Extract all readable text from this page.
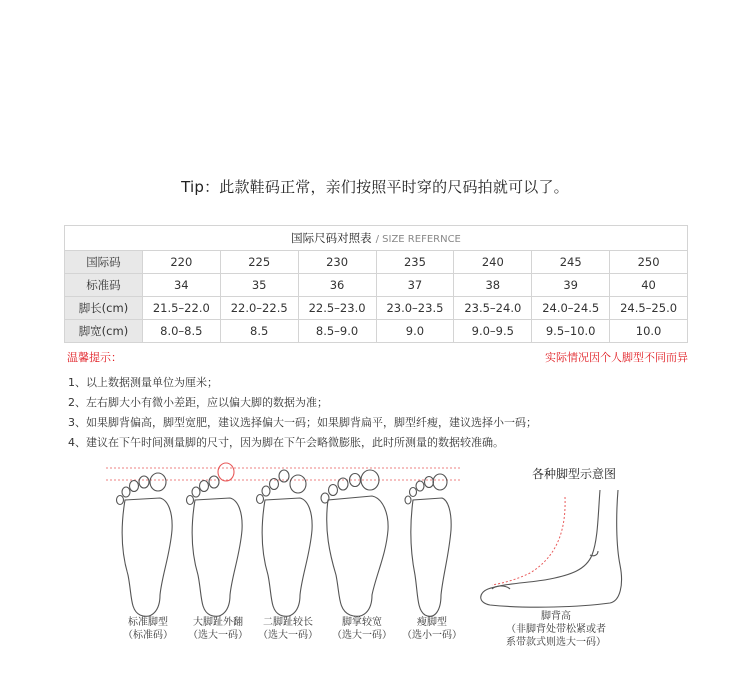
Tip：此款鞋码正常，亲们按照平时穿的尺码拍就可以了。
国际尺码对照表 / SIZE REFERNCE							
国际码	220	225	230	235	240	245	250
标准码	34	35	36	37	38	39	40
脚长(cm)	21.5–22.0	22.0–22.5	22.5–23.0	23.0–23.5	23.5–24.0	24.0–24.5	24.5–25.0
脚宽(cm)	8.0–8.5	8.5	8.5–9.0	9.0	9.0–9.5	9.5–10.0	10.0
温馨提示：	实际情况因个人脚型不同而异
1、以上数据测量单位为厘米；
2、左右脚大小有微小差距，应以偏大脚的数据为准；
3、如果脚背偏高，脚型宽肥，建议选择偏大一码；如果脚背扁平，脚型纤瘦，建议选择小一码；
4、建议在下午时间测量脚的尺寸，因为脚在下午会略微膨胀，此时所测量的数据较准确。
标准脚型
（标准码）
大脚趾外翻
（选大一码）
二脚趾较长
（选大一码）
脚掌较宽
（选大一码）
瘦脚型
（选小一码）
各种脚型示意图
脚背高
（非脚背处带松紧或者
系带款式则选大一码）
